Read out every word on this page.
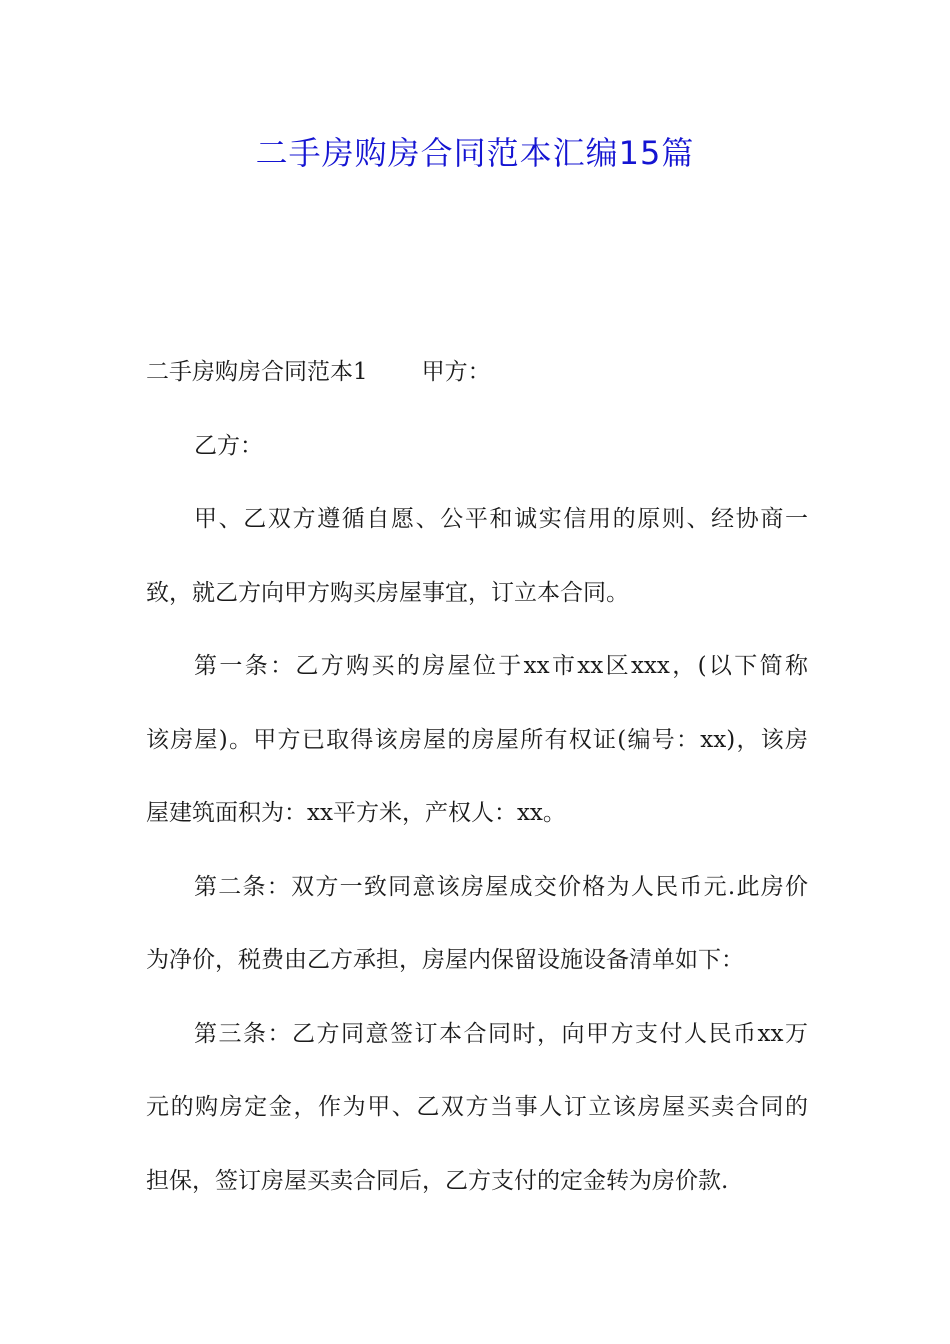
二手房购房合同范本汇编15篇
二手房购房合同范本1 甲方：
乙方：
甲、乙双方遵循自愿、公平和诚实信用的原则、经协商一
致，就乙方向甲方购买房屋事宜，订立本合同。
第一条：乙方购买的房屋位于xx市xx区xxx，(以下简称
该房屋)。甲方已取得该房屋的房屋所有权证(编号：xx)，该房
屋建筑面积为：xx平方米，产权人：xx。
第二条：双方一致同意该房屋成交价格为人民币元.此房价
为净价，税费由乙方承担，房屋内保留设施设备清单如下：
第三条：乙方同意签订本合同时，向甲方支付人民币xx万
元的购房定金，作为甲、乙双方当事人订立该房屋买卖合同的
担保，签订房屋买卖合同后，乙方支付的定金转为房价款.
